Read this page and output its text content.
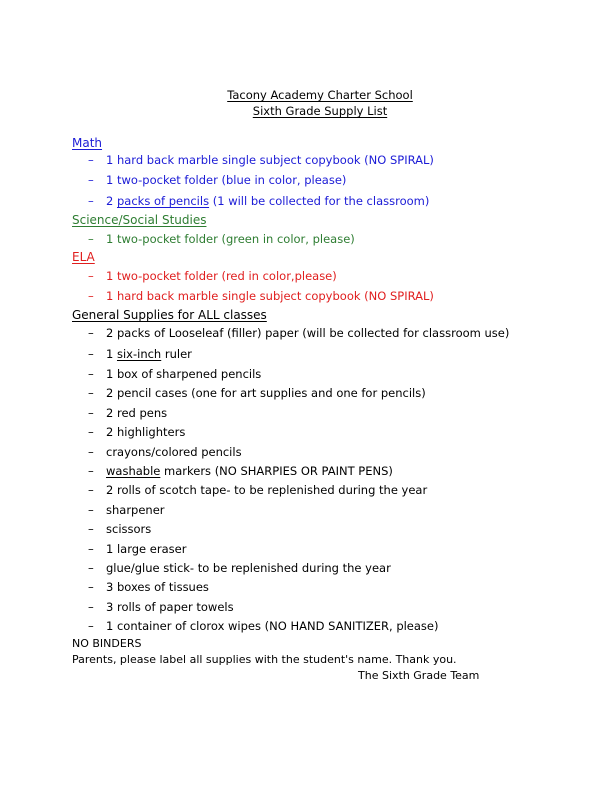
Tacony Academy Charter School
Sixth Grade Supply List
Math
– 1 hard back marble single subject copybook (NO SPIRAL)
– 1 two-pocket folder (blue in color, please)
– 2 packs of pencils (1 will be collected for the classroom)
Science/Social Studies
– 1 two-pocket folder (green in color, please)
ELA
– 1 two-pocket folder (red in color,please)
– 1 hard back marble single subject copybook (NO SPIRAL)
General Supplies for ALL classes
– 2 packs of Looseleaf (filler) paper (will be collected for classroom use)
– 1 six-inch ruler
– 1 box of sharpened pencils
– 2 pencil cases (one for art supplies and one for pencils)
– 2 red pens
– 2 highlighters
– crayons/colored pencils
– washable markers (NO SHARPIES OR PAINT PENS)
– 2 rolls of scotch tape- to be replenished during the year
– sharpener
– scissors
– 1 large eraser
– glue/glue stick- to be replenished during the year
– 3 boxes of tissues
– 3 rolls of paper towels
– 1 container of clorox wipes (NO HAND SANITIZER, please)
NO BINDERS
Parents, please label all supplies with the student's name. Thank you.
The Sixth Grade Team
